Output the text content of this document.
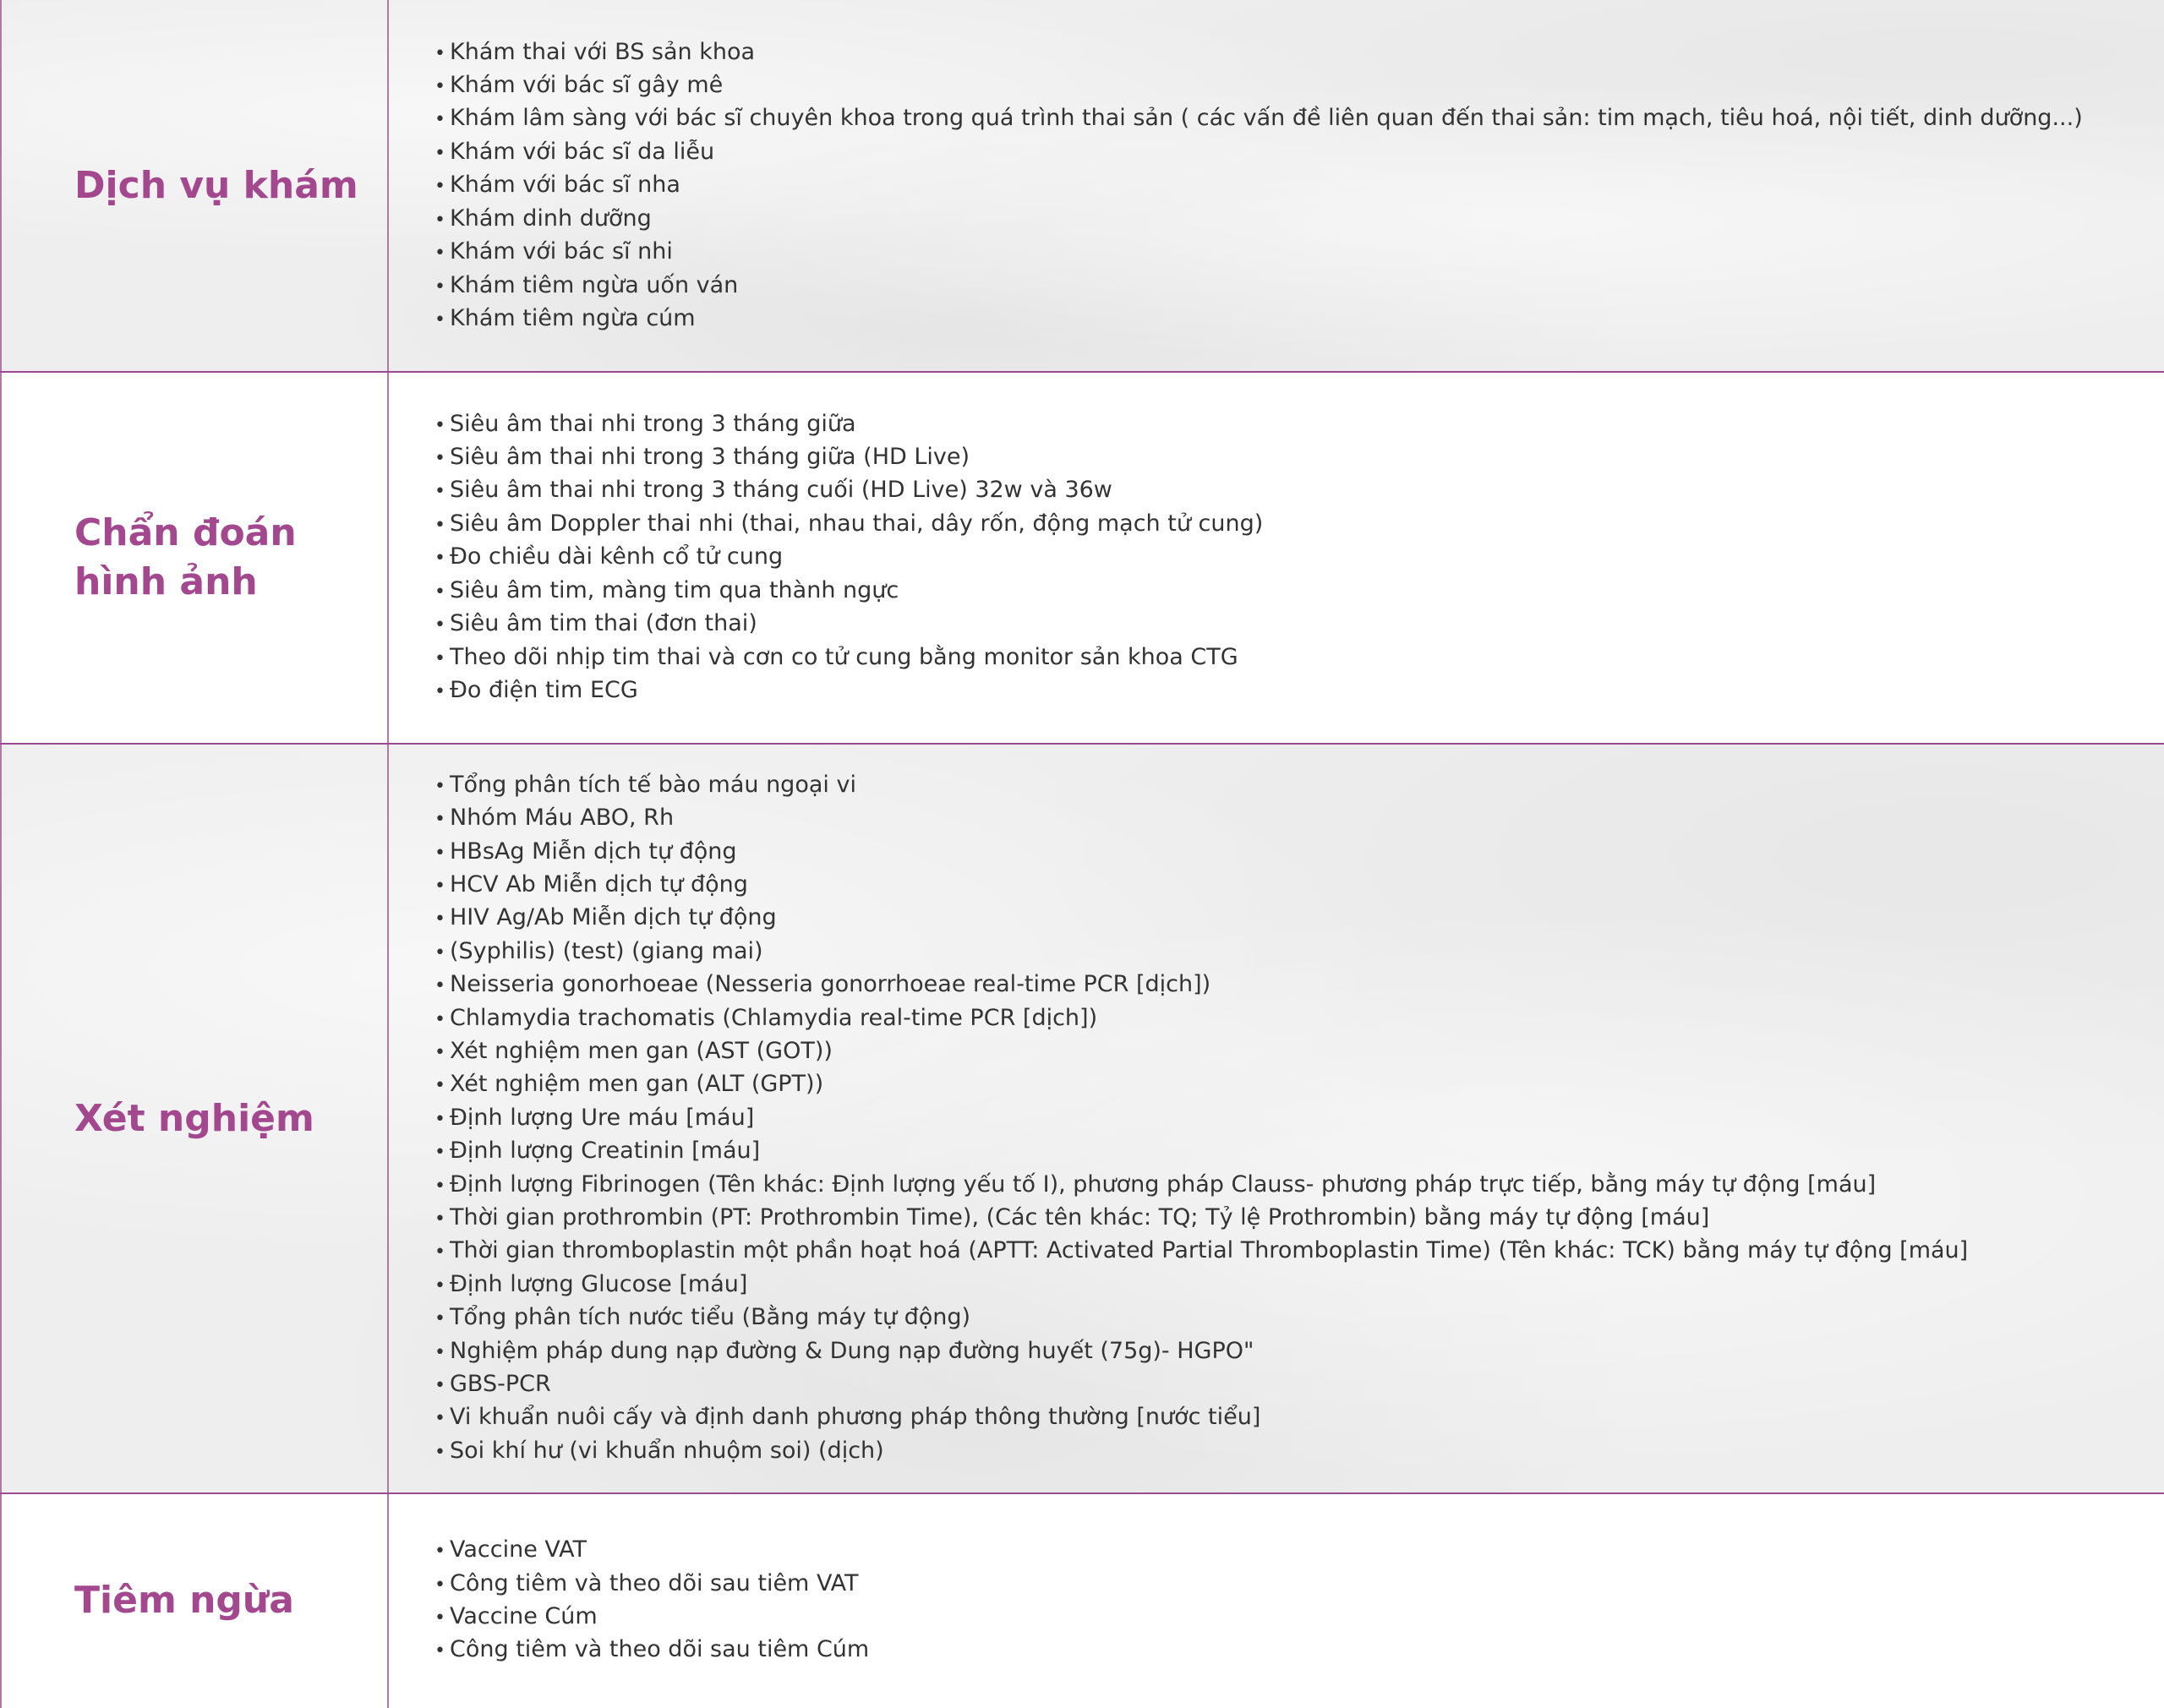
Dịch vụ khám

• Khám thai với BS sản khoa
• Khám với bác sĩ gây mê
• Khám lâm sàng với bác sĩ chuyên khoa trong quá trình thai sản ( các vấn đề liên quan đến thai sản: tim mạch, tiêu hoá, nội tiết, dinh dưỡng...)
• Khám với bác sĩ da liễu
• Khám với bác sĩ nha
• Khám dinh dưỡng
• Khám với bác sĩ nhi
• Khám tiêm ngừa uốn ván
• Khám tiêm ngừa cúm

Chẩn đoán
hình ảnh

• Siêu âm thai nhi trong 3 tháng giữa
• Siêu âm thai nhi trong 3 tháng giữa (HD Live)
• Siêu âm thai nhi trong 3 tháng cuối (HD Live) 32w và 36w
• Siêu âm Doppler thai nhi (thai, nhau thai, dây rốn, động mạch tử cung)
• Đo chiều dài kênh cổ tử cung
• Siêu âm tim, màng tim qua thành ngực
• Siêu âm tim thai (đơn thai)
• Theo dõi nhịp tim thai và cơn co tử cung bằng monitor sản khoa CTG
• Đo điện tim ECG

Xét nghiệm

• Tổng phân tích tế bào máu ngoại vi
• Nhóm Máu ABO, Rh
• HBsAg Miễn dịch tự động
• HCV Ab Miễn dịch tự động
• HIV Ag/Ab Miễn dịch tự động
• (Syphilis) (test) (giang mai)
• Neisseria gonorhoeae (Nesseria gonorrhoeae real-time PCR [dịch])
• Chlamydia trachomatis (Chlamydia real-time PCR [dịch])
• Xét nghiệm men gan (AST (GOT))
• Xét nghiệm men gan (ALT (GPT))
• Định lượng Ure máu [máu]
• Định lượng Creatinin [máu]
• Định lượng Fibrinogen (Tên khác: Định lượng yếu tố I), phương pháp Clauss- phương pháp trực tiếp, bằng máy tự động [máu]
• Thời gian prothrombin (PT: Prothrombin Time), (Các tên khác: TQ; Tỷ lệ Prothrombin) bằng máy tự động [máu]
• Thời gian thromboplastin một phần hoạt hoá (APTT: Activated Partial Thromboplastin Time) (Tên khác: TCK) bằng máy tự động [máu]
• Định lượng Glucose [máu]
• Tổng phân tích nước tiểu (Bằng máy tự động)
• Nghiệm pháp dung nạp đường & Dung nạp đường huyết (75g)- HGPO"
• GBS-PCR
• Vi khuẩn nuôi cấy và định danh phương pháp thông thường [nước tiểu]
• Soi khí hư (vi khuẩn nhuộm soi) (dịch)

Tiêm ngừa

• Vaccine VAT
• Công tiêm và theo dõi sau tiêm VAT
• Vaccine Cúm
• Công tiêm và theo dõi sau tiêm Cúm
